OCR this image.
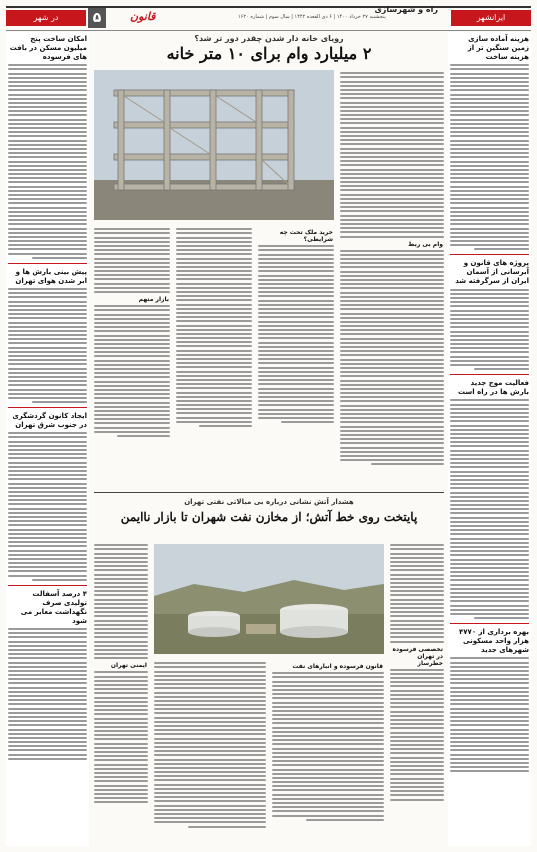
ایرانشهر
در شهر	۵	قانون	پنجشنبه ۲۷ خرداد ۱۴۰۰ | ۶ ذی القعده ۱۴۴۲ | سال سوم | شماره ۱۶۲۰
هزینه آماده سازی زمین سنگین تر از هزینه ساخت
پروژه های قانون و آبرسانی از آسمان ایران از سرگرفته شد
فعالیت موج جدید بارش ها در راه است
بهره برداری از ۴۷۷۰ هزار واحد مسکونی شهرهای جدید
امکان ساخت پنج میلیون مسکن در بافت های فرسوده
پیش بینی بارش ها و ابر شدن هوای تهران
ایجاد کانون گردشگری در جنوب شرق تهران
۴ درصد آسفالت تولیدی صرف نگهداشت معابر می شود
راه و شهرسازی
رویای خانه دار شدن چقدر دور تر شد؟
۲ میلیارد وام برای ۱۰ متر خانه
وام بی ربط
بازار متهم
خرید ملک تحت چه شرایطی؟
هشدار آتش نشانی درباره بی مبالاتی نفتی تهران
پایتخت روی خط آتش؛ از مخازن نفت شهران تا بازار ناایمن
ایمنی تهران
تخصصی فرسوده در تهران خطرساز
قانون فرسوده و انبارهای نفت
